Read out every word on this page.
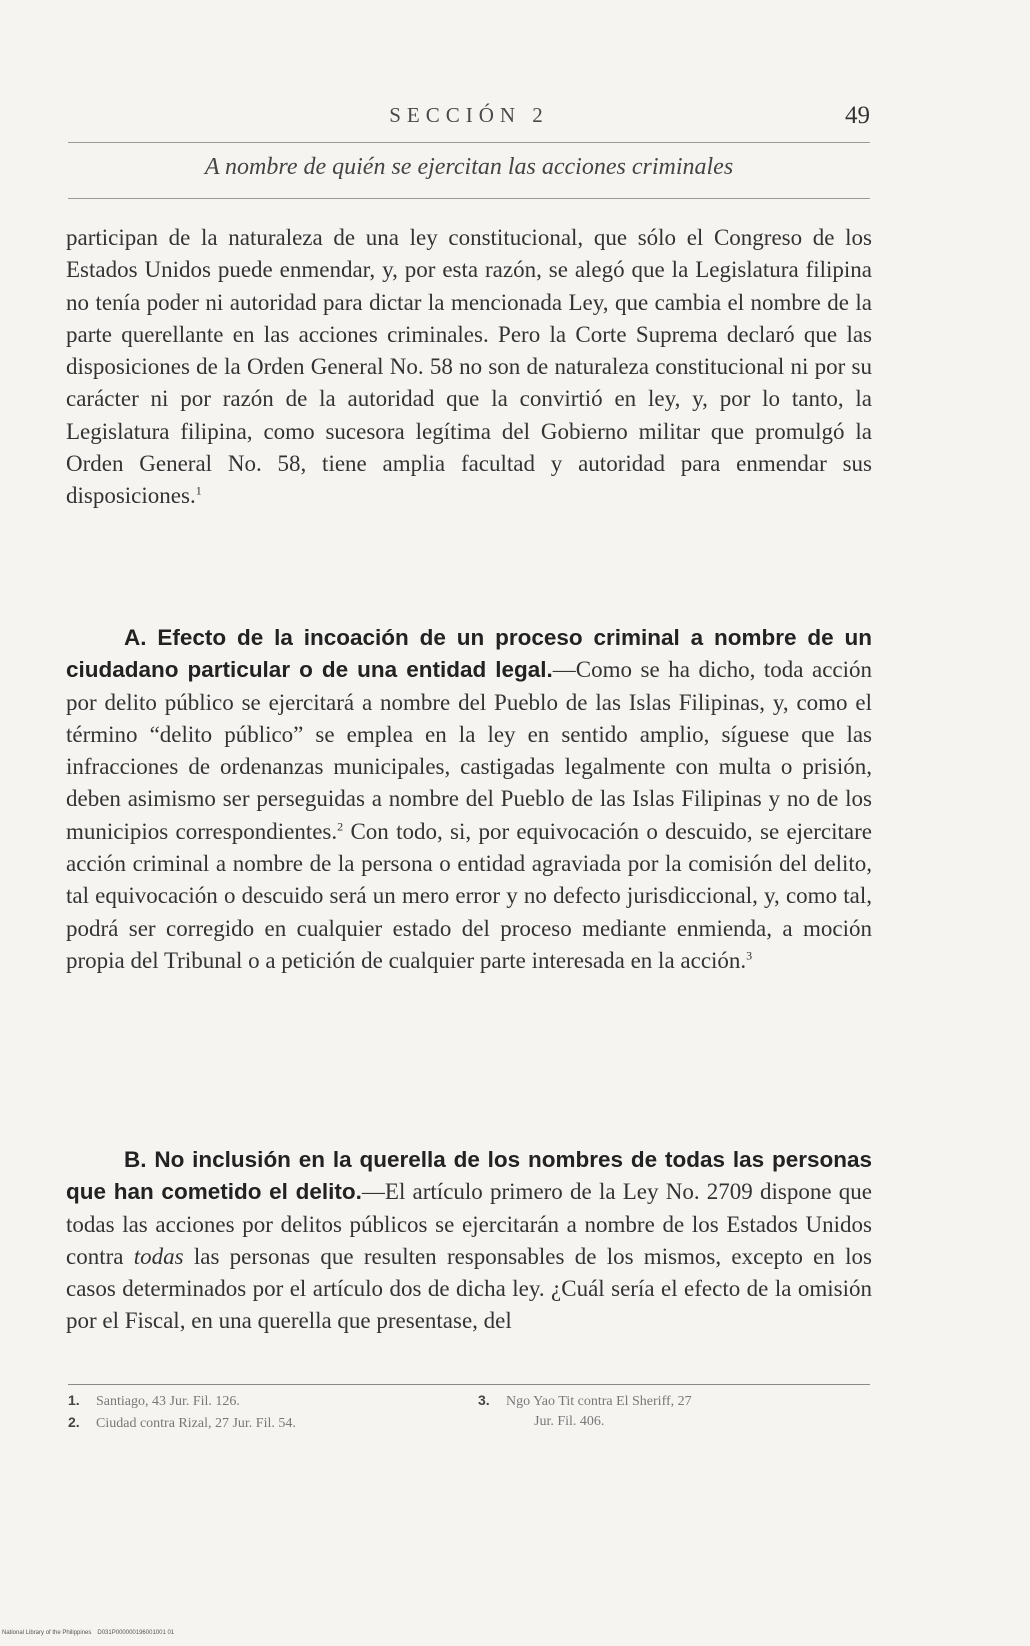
SECCIÓN 2	49
A nombre de quién se ejercitan las acciones criminales
participan de la naturaleza de una ley constitucional, que sólo el Congreso de los Estados Unidos puede enmendar, y, por esta razón, se alegó que la Legislatura filipina no tenía poder ni autoridad para dictar la mencionada Ley, que cambia el nombre de la parte querellante en las acciones criminales. Pero la Corte Suprema declaró que las disposiciones de la Orden General No. 58 no son de naturaleza constitucional ni por su carácter ni por razón de la autoridad que la convirtió en ley, y, por lo tanto, la Legislatura filipina, como sucesora legítima del Gobierno militar que promulgó la Orden General No. 58, tiene amplia facultad y autoridad para enmendar sus disposiciones.$^1$
A. Efecto de la incoación de un proceso criminal a nombre de un ciudadano particular o de una entidad legal.—Como se ha dicho, toda acción por delito público se ejercitará a nombre del Pueblo de las Islas Filipinas, y, como el término “delito público” se emplea en la ley en sentido amplio, síguese que las infracciones de ordenanzas municipales, castigadas legalmente con multa o prisión, deben asimismo ser perseguidas a nombre del Pueblo de las Islas Filipinas y no de los municipios correspondientes.$^2$ Con todo, si, por equivocación o descuido, se ejercitare acción criminal a nombre de la persona o entidad agraviada por la comisión del delito, tal equivocación o descuido será un mero error y no defecto jurisdiccional, y, como tal, podrá ser corregido en cualquier estado del proceso mediante enmienda, a moción propia del Tribunal o a petición de cualquier parte interesada en la acción.$^3$
B. No inclusión en la querella de los nombres de todas las personas que han cometido el delito.—El artículo primero de la Ley No. 2709 dispone que todas las acciones por delitos públicos se ejercitarán a nombre de los Estados Unidos contra todas las personas que resulten responsables de los mismos, excepto en los casos determinados por el artículo dos de dicha ley. ¿Cuál sería el efecto de la omisión por el Fiscal, en una querella que presentase, del
1. Santiago, 43 Jur. Fil. 126.
2. Ciudad contra Rizal, 27 Jur. Fil. 54.
3. Ngo Yao Tit contra El Sheriff, 27
Jur. Fil. 406.
National Library of the Philippines D031P000000196001001 01
